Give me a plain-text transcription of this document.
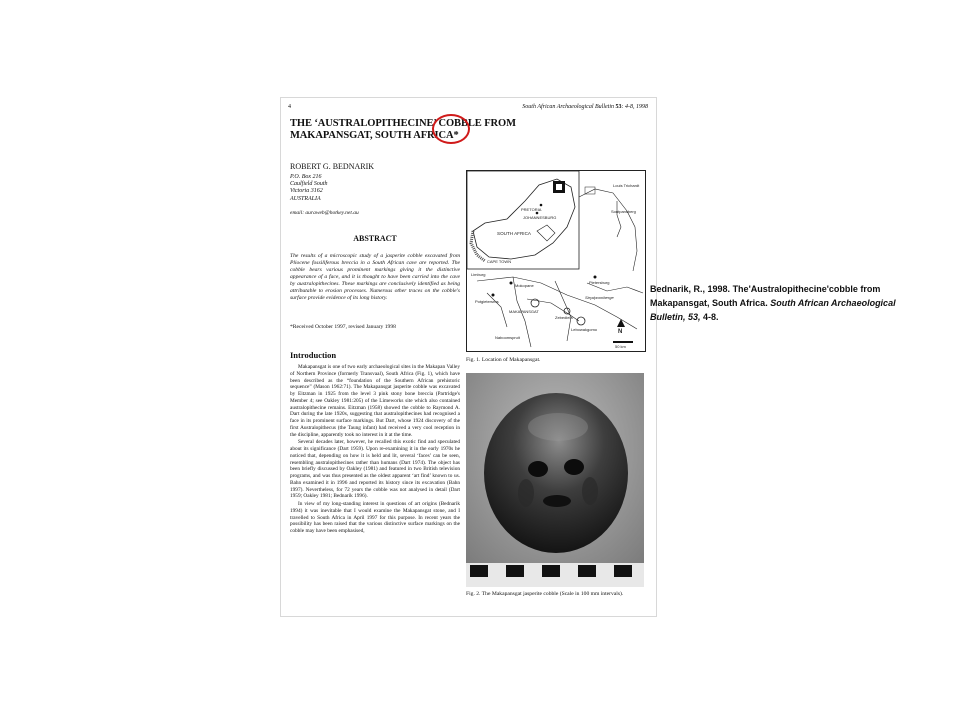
4	South African Archaeological Bulletin 53: 4-8, 1998
THE ‘AUSTRALOPITHECINE’ COBBLE FROM MAKAPANSGAT, SOUTH AFRICA*
ROBERT G. BEDNARIK
P.O. Box 216
Caulfield South
Victoria 3162
AUSTRALIA
email: auraweb@hotkey.net.au
ABSTRACT

The results of a microscopic study of a jasperite cobble excavated from Pliocene fossiliferous breccia in a South African cave are reported. The cobble bears various prominent markings giving it the distinctive appearance of a face, and it is thought to have been carried into the cave by australopithecines. These markings are conclusively identified as being attributable to erosion processes. Numerous other traces on the cobble's surface provide evidence of its long history.

*Received October 1997, revised January 1998
Introduction

Makapansgat is one of two early archaeological sites in the Makapan Valley of Northern Province (formerly Transvaal), South Africa (Fig. 1), which have been described as the “foundation of the Southern African prehistoric sequence” (Mason 1962:71). The Makapansgat jasperite cobble was excavated by Eitzman in 1925 from the level 3 pink stony bone breccia (Partridge's Member 4; see Oakley 1981:205) of the Limeworks site which also contained australopithecine remains. Eitzman (1958) showed the cobble to Raymond A. Dart during the late 1920s, suggesting that australopithecines had recognised a face in its prominent surface markings. But Dart, whose 1924 discovery of the first Australopithecus (the Taung infant) had received a very cool reception in the discipline, apparently took no interest in it at the time.

Several decades later, however, he recalled this exotic find and speculated about its significance (Dart 1959). Upon re-examining it in the early 1970s he noticed that, depending on how it is held and lit, several ‘faces’ can be seen, resembling australopithecines rather than humans (Dart 1974). The object has been briefly discussed by Oakley (1981) and featured in two British television programs, and was thus presented as the oldest apparent ‘art find’ known to us. Bahn examined it in 1996 and reported its history since its excavation (Bahn 1997). Nevertheless, for 72 years the cobble was not analysed in detail (Dart 1959; Oakley 1981; Bednarik 1996).

In view of my long-standing interest in questions of art origins (Bednarik 1994) it was inevitable that I would examine the Makapansgat stone, and I travelled to South Africa in April 1997 for this purpose. In recent years the possibility has been raised that the various distinctive surface markings on the cobble may have been emphasised,

PRETORIA
JOHANNESBURG
SOUTH AFRICA
CAPE TOWN
Louis Trichardt
Soutpansberg
Limburg
Mokopane
Pietersburg
Potgietersrus
MAKAPANSGAT
Zebediela
Strydpoortberge
Naboomspruit
Lebowakgomo	N
50 km
Fig. 1. Location of Makapansgat.
Fig. 2. The Makapansgat jasperite cobble (Scale in 100 mm intervals).
Bednarik, R., 1998. The'Australopithecine'cobble from Makapansgat, South Africa. South African Archaeological Bulletin, 53, 4-8.
